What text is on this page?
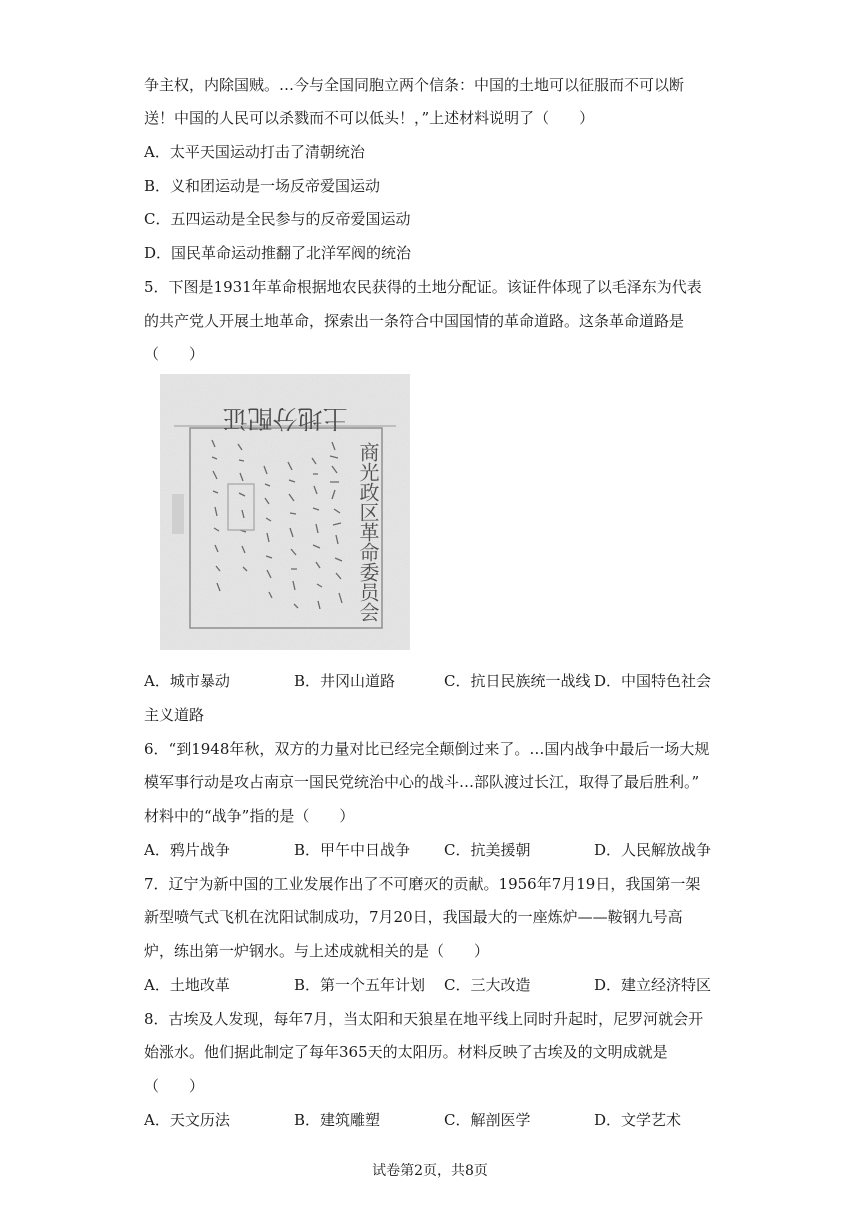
争主权，内除国贼。…今与全国同胞立两个信条：中国的土地可以征服而不可以断
送！中国的人民可以杀戮而不可以低头！，”上述材料说明了（　　）
A．太平天国运动打击了清朝统治
B．义和团运动是一场反帝爱国运动
C．五四运动是全民参与的反帝爱国运动
D．国民革命运动推翻了北洋军阀的统治
5．下图是1931年革命根据地农民获得的土地分配证。该证件体现了以毛泽东为代表
的共产党人开展土地革命，探索出一条符合中国国情的革命道路。这条革命道路是
（　　）
土地分配证
商光政区革命委员会
A．城市暴动	B．井冈山道路	C．抗日民族统一战线 D．中国特色社会
主义道路
6．“到1948年秋，双方的力量对比已经完全颠倒过来了。…国内战争中最后一场大规
模军事行动是攻占南京一国民党统治中心的战斗…部队渡过长江，取得了最后胜利。”
材料中的“战争”指的是（　　）
A．鸦片战争	B．甲午中日战争 C．抗美援朝	D．人民解放战争
7．辽宁为新中国的工业发展作出了不可磨灭的贡献。1956年7月19日，我国第一架
新型喷气式飞机在沈阳试制成功，7月20日，我国最大的一座炼炉——鞍钢九号高
炉，练出第一炉钢水。与上述成就相关的是（　　）
A．土地改革	B．第一个五年计划 C．三大改造	D．建立经济特区
8．古埃及人发现，每年7月，当太阳和天狼星在地平线上同时升起时，尼罗河就会开
始涨水。他们据此制定了每年365天的太阳历。材料反映了古埃及的文明成就是
（　　）
A．天文历法	B．建筑雕塑	C．解剖医学	D．文学艺术
试卷第2页，共8页
